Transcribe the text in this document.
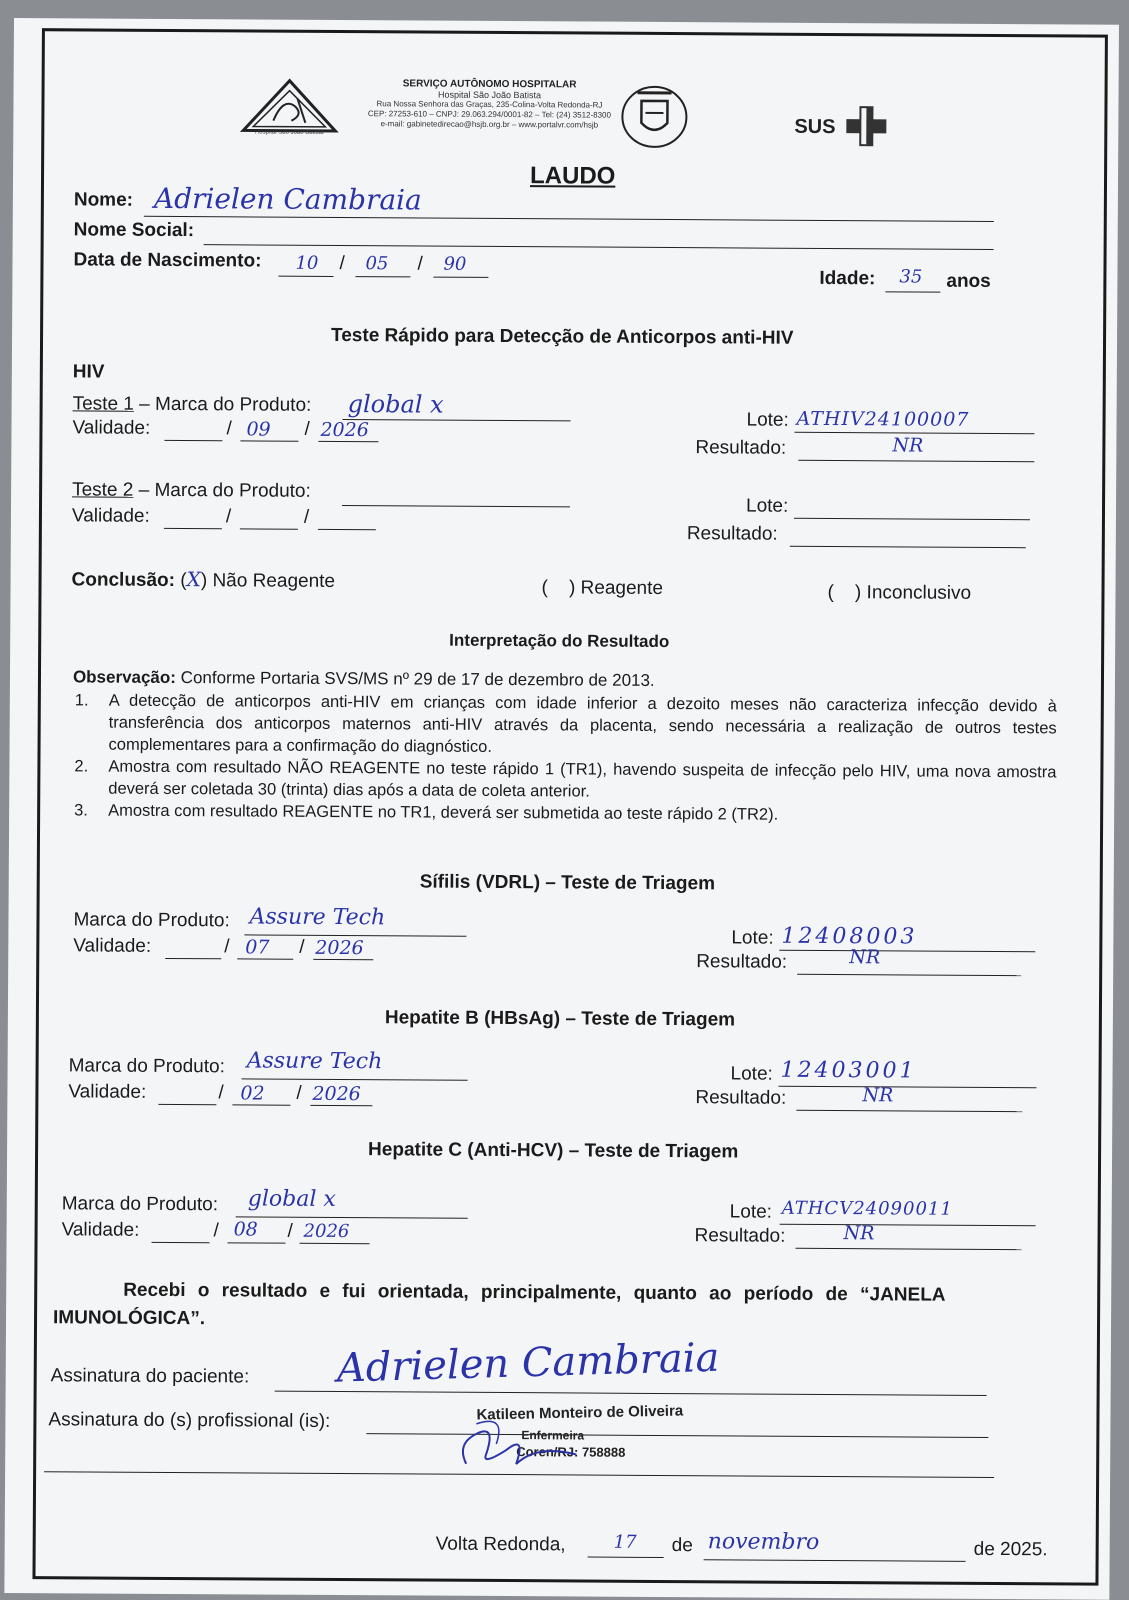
Hospital São João Batista
SERVIÇO AUTÔNOMO HOSPITALAR
Hospital São João Batista
Rua Nossa Senhora das Graças, 235-Colina-Volta Redonda-RJ
CEP: 27253-610 – CNPJ: 29.063.294/0001-82 – Tel: (24) 3512-8300
e-mail: gabinetedirecao@hsjb.org.br – www.portalvr.com/hsjb	SUS
LAUDO
Nome: Adrielen Cambraia
Nome Social:
Data de Nascimento: 10 / 05 / 90
Idade: 35 anos
Teste Rápido para Detecção de Anticorpos anti-HIV
HIV
Teste 1 – Marca do Produto: global x
Validade:	/ 09 / 2026	Lote: ATHIV24100007
Resultado:	NR
Teste 2 – Marca do Produto:
Validade:	/	/
Lote:
Resultado:
Conclusão: (X) Não Reagente	(    ) Reagente	(    ) Inconclusivo
Interpretação do Resultado
Observação: Conforme Portaria SVS/MS nº 29 de 17 de dezembro de 2013.
1. A detecção de anticorpos anti-HIV em crianças com idade inferior a dezoito meses não caracteriza infecção devido à transferência dos anticorpos maternos anti-HIV através da placenta, sendo necessária a realização de outros testes complementares para a confirmação do diagnóstico.
2. Amostra com resultado NÃO REAGENTE no teste rápido 1 (TR1), havendo suspeita de infecção pelo HIV, uma nova amostra deverá ser coletada 30 (trinta) dias após a data de coleta anterior.
3. Amostra com resultado REAGENTE no TR1, deverá ser submetida ao teste rápido 2 (TR2).
Sífilis (VDRL) – Teste de Triagem
Marca do Produto: Assure Tech
Validade:	/ 07 / 2026	Lote: 12408003
Resultado:	NR
Hepatite B (HBsAg) – Teste de Triagem
Marca do Produto: Assure Tech
Validade:	/ 02 / 2026
Lote: 12403001
Resultado:	NR
Hepatite C (Anti-HCV) – Teste de Triagem
Marca do Produto: global x
Validade:	/ 08 / 2026
Lote: ATHCV24090011
Resultado:	NR
Recebi o resultado e fui orientada, principalmente, quanto ao período de “JANELA
IMUNOLÓGICA”.
Assinatura do paciente: Adrielen Cambraia
Assinatura do (s) profissional (is):	Katileen Monteiro de Oliveira
Enfermeira
Coren/RJ: 758888
Volta Redonda,	17 de novembro	de 2025.
